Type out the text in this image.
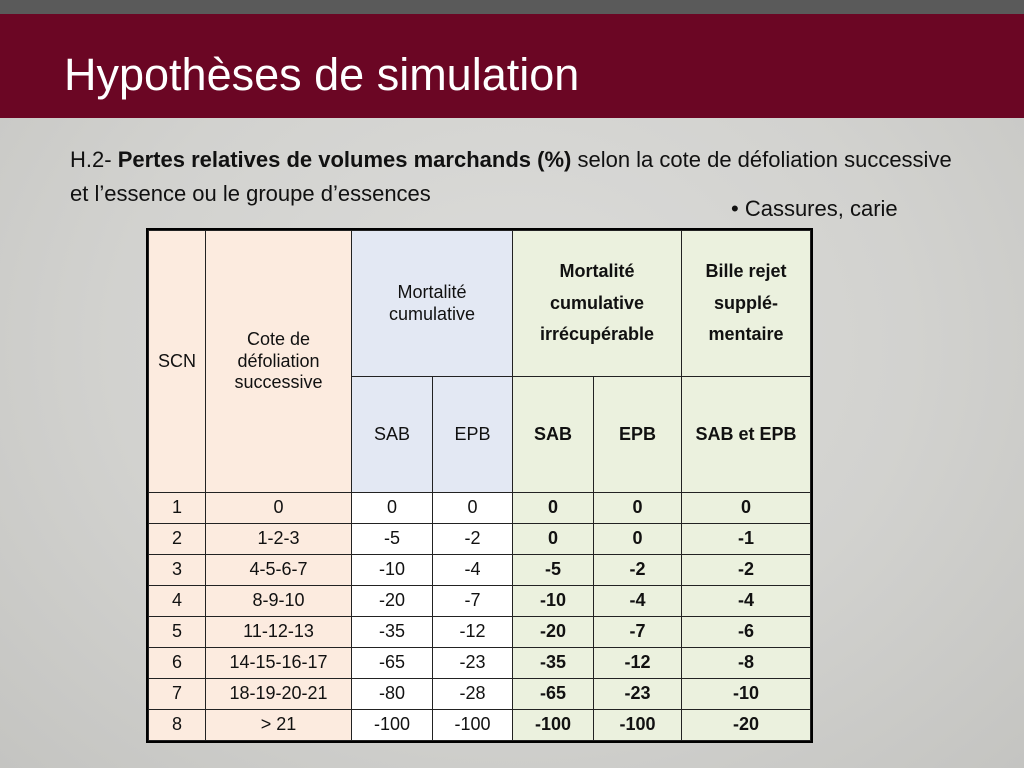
Hypothèses de simulation
H.2- Pertes relatives de volumes marchands (%) selon la cote de défoliation successive et l’essence ou le groupe d’essences
• Cassures, carie
SCN	Cote de défoliation successive	Mortalité cumulative		Mortalité cumulative irrécupérable		Bille rejet supplé-mentaire
		SAB	EPB	SAB	EPB	SAB et EPB
1	0	0	0	0	0	0
2	1-2-3	-5	-2	0	0	-1
3	4-5-6-7	-10	-4	-5	-2	-2
4	8-9-10	-20	-7	-10	-4	-4
5	11-12-13	-35	-12	-20	-7	-6
6	14-15-16-17	-65	-23	-35	-12	-8
7	18-19-20-21	-80	-28	-65	-23	-10
8	> 21	-100	-100	-100	-100	-20
